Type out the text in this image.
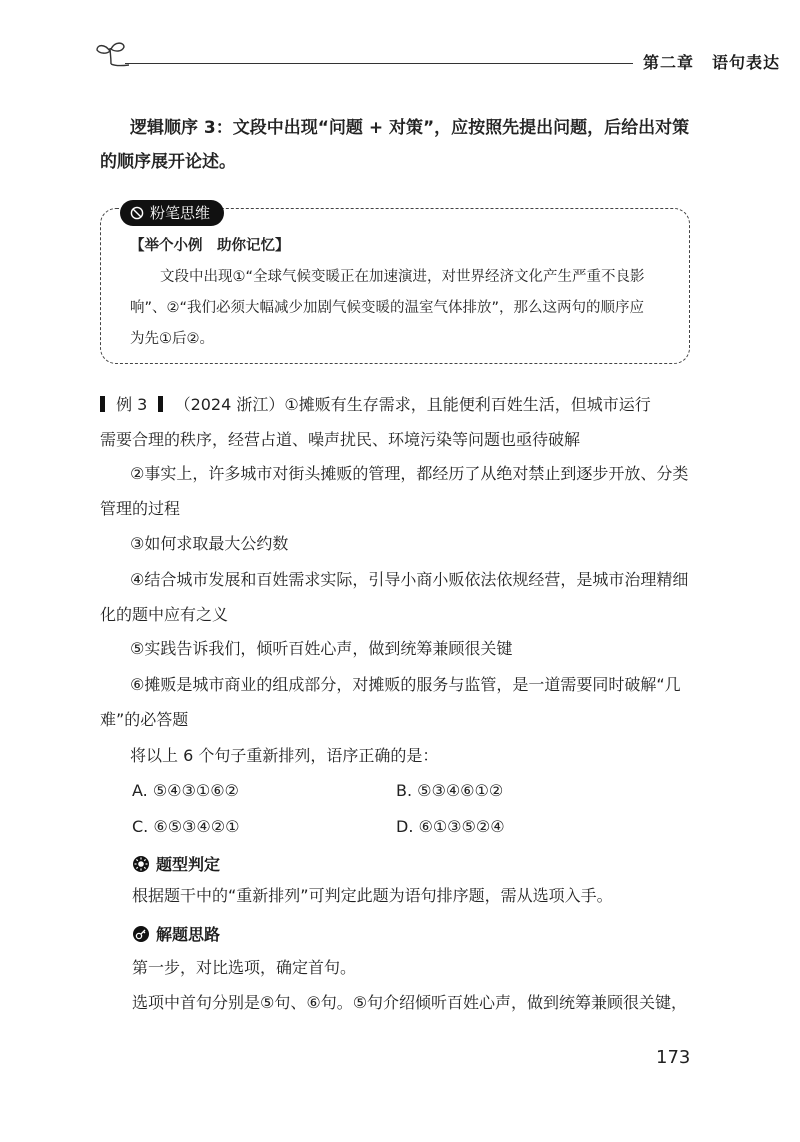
第二章 语句表达
逻辑顺序 3：文段中出现“问题 + 对策”，应按照先提出问题，后给出对策
的顺序展开论述。
粉笔思维
【举个小例　助你记忆】
文段中出现①“全球气候变暖正在加速演进，对世界经济文化产生严重不良影
响”、②“我们必须大幅减少加剧气候变暖的温室气体排放”，那么这两句的顺序应
为先①后②。
例 3 （2024 浙江）①摊贩有生存需求，且能便利百姓生活，但城市运行
需要合理的秩序，经营占道、噪声扰民、环境污染等问题也亟待破解
②事实上，许多城市对街头摊贩的管理，都经历了从绝对禁止到逐步开放、分类
管理的过程
③如何求取最大公约数
④结合城市发展和百姓需求实际，引导小商小贩依法依规经营，是城市治理精细
化的题中应有之义
⑤实践告诉我们，倾听百姓心声，做到统筹兼顾很关键
⑥摊贩是城市商业的组成部分，对摊贩的服务与监管，是一道需要同时破解“几
难”的必答题
将以上 6 个句子重新排列，语序正确的是：
A. ⑤④③①⑥②	B. ⑤③④⑥①②
C. ⑥⑤③④②①	D. ⑥①③⑤②④
题型判定
根据题干中的“重新排列”可判定此题为语句排序题，需从选项入手。
解题思路
第一步，对比选项，确定首句。
选项中首句分别是⑤句、⑥句。⑤句介绍倾听百姓心声，做到统筹兼顾很关键，
173
